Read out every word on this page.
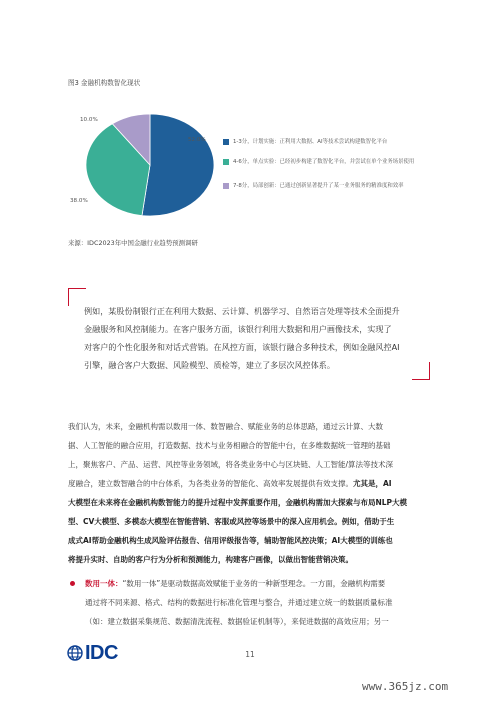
图3 金融机构数智化现状
52.0%
38.0%
10.0%
1-3分，计划实施：正利用大数据、AI等技术尝试构建数智化平台
4-6分，单点实验：已经初步构建了数智化平台，并尝试在单个业务场景使用
7-8分，局部创新：已通过创新显著提升了某一业务服务的精准度和效率
来源：IDC2023年中国金融行业趋势预测调研
例如，某股份制银行正在利用大数据、云计算、机器学习、自然语言处理等技术全面提升
金融服务和风控制能力。在客户服务方面，该银行利用大数据和用户画像技术，实现了
对客户的个性化服务和对话式营销。在风控方面，该银行融合多种技术，例如金融风控AI
引擎，融合客户大数据、风险模型、质检等，建立了多层次风控体系。
我们认为，未来，金融机构需以数用一体、数智融合、赋能业务的总体思路，通过云计算、大数
据、人工智能的融合应用，打造数据、技术与业务相融合的智能中台，在多维数据统一管理的基础
上，聚焦客户、产品、运营、风控等业务领域，将各类业务中心与区块链、人工智能/算法等技术深
度融合，建立数智融合的中台体系，为各类业务的智能化、高效率发展提供有效支撑。尤其是，AI
大模型在未来将在金融机构数智能力的提升过程中发挥重要作用，金融机构需加大探索与布局NLP大模
型、CV大模型、多模态大模型在智能营销、客服或风控等场景中的深入应用机会。例如，借助于生
成式AI帮助金融机构生成风险评估报告、信用评级报告等，辅助智能风控决策；AI大模型的训练也
将提升实时、自助的客户行为分析和预测能力，构建客户画像，以做出智能营销决策。
数用一体：“数用一体”是驱动数据高效赋能于业务的一种新型理念。一方面，金融机构需要
通过将不同来源、格式、结构的数据进行标准化管理与整合，并通过建立统一的数据质量标准
（如：建立数据采集规范、数据清洗流程、数据验证机制等），来促进数据的高效应用；另一
IDC	11
www.365jz.com
